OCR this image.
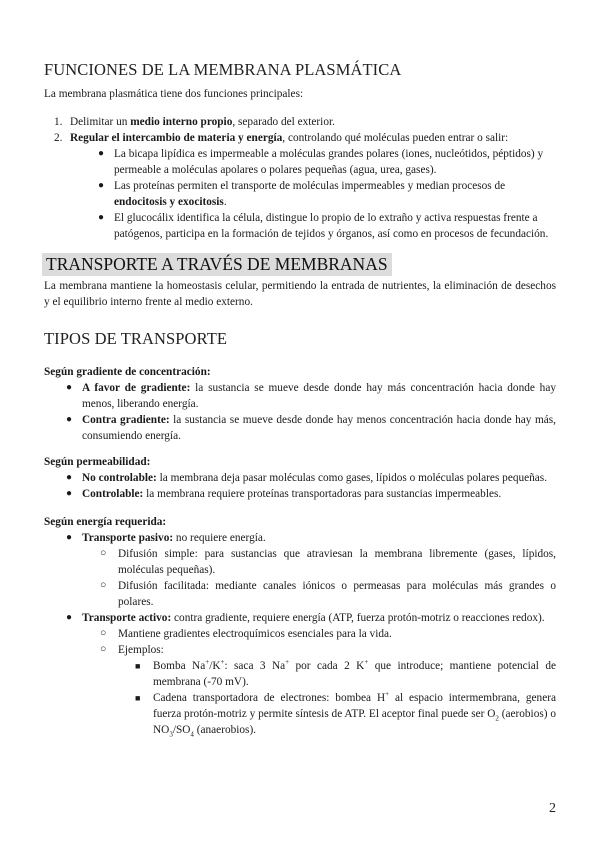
FUNCIONES DE LA MEMBRANA PLASMÁTICA

La membrana plasmática tiene dos funciones principales:

1. Delimitar un medio interno propio, separado del exterior.
2. Regular el intercambio de materia y energía, controlando qué moléculas pueden entrar o salir:
● La bicapa lipídica es impermeable a moléculas grandes polares (iones, nucleótidos, péptidos) y permeable a moléculas apolares o polares pequeñas (agua, urea, gases).
● Las proteínas permiten el transporte de moléculas impermeables y median procesos de endocitosis y exocitosis.
● El glucocálix identifica la célula, distingue lo propio de lo extraño y activa respuestas frente a patógenos, participa en la formación de tejidos y órganos, así como en procesos de fecundación.
TRANSPORTE A TRAVÉS DE MEMBRANAS

La membrana mantiene la homeostasis celular, permitiendo la entrada de nutrientes, la eliminación de desechos y el equilibrio interno frente al medio externo.

TIPOS DE TRANSPORTE

Según gradiente de concentración:

● A favor de gradiente: la sustancia se mueve desde donde hay más concentración hacia donde hay menos, liberando energía.
● Contra gradiente: la sustancia se mueve desde donde hay menos concentración hacia donde hay más, consumiendo energía.

Según permeabilidad:

● No controlable: la membrana deja pasar moléculas como gases, lípidos o moléculas polares pequeñas.
● Controlable: la membrana requiere proteínas transportadoras para sustancias impermeables.

Según energía requerida:

● Transporte pasivo: no requiere energía.
○ Difusión simple: para sustancias que atraviesan la membrana libremente (gases, lípidos, moléculas pequeñas).
○ Difusión facilitada: mediante canales iónicos o permeasas para moléculas más grandes o polares.
● Transporte activo: contra gradiente, requiere energía (ATP, fuerza protón-motriz o reacciones redox).
○ Mantiene gradientes electroquímicos esenciales para la vida.
○ Ejemplos:
■ Bomba Na+/K+: saca 3 Na+ por cada 2 K+ que introduce; mantiene potencial de membrana (-70 mV).
■ Cadena transportadora de electrones: bombea H+ al espacio intermembrana, genera fuerza protón-motriz y permite síntesis de ATP. El aceptor final puede ser $O_2$ (aerobios) o $NO_3/SO_4$ (anaerobios).
2
